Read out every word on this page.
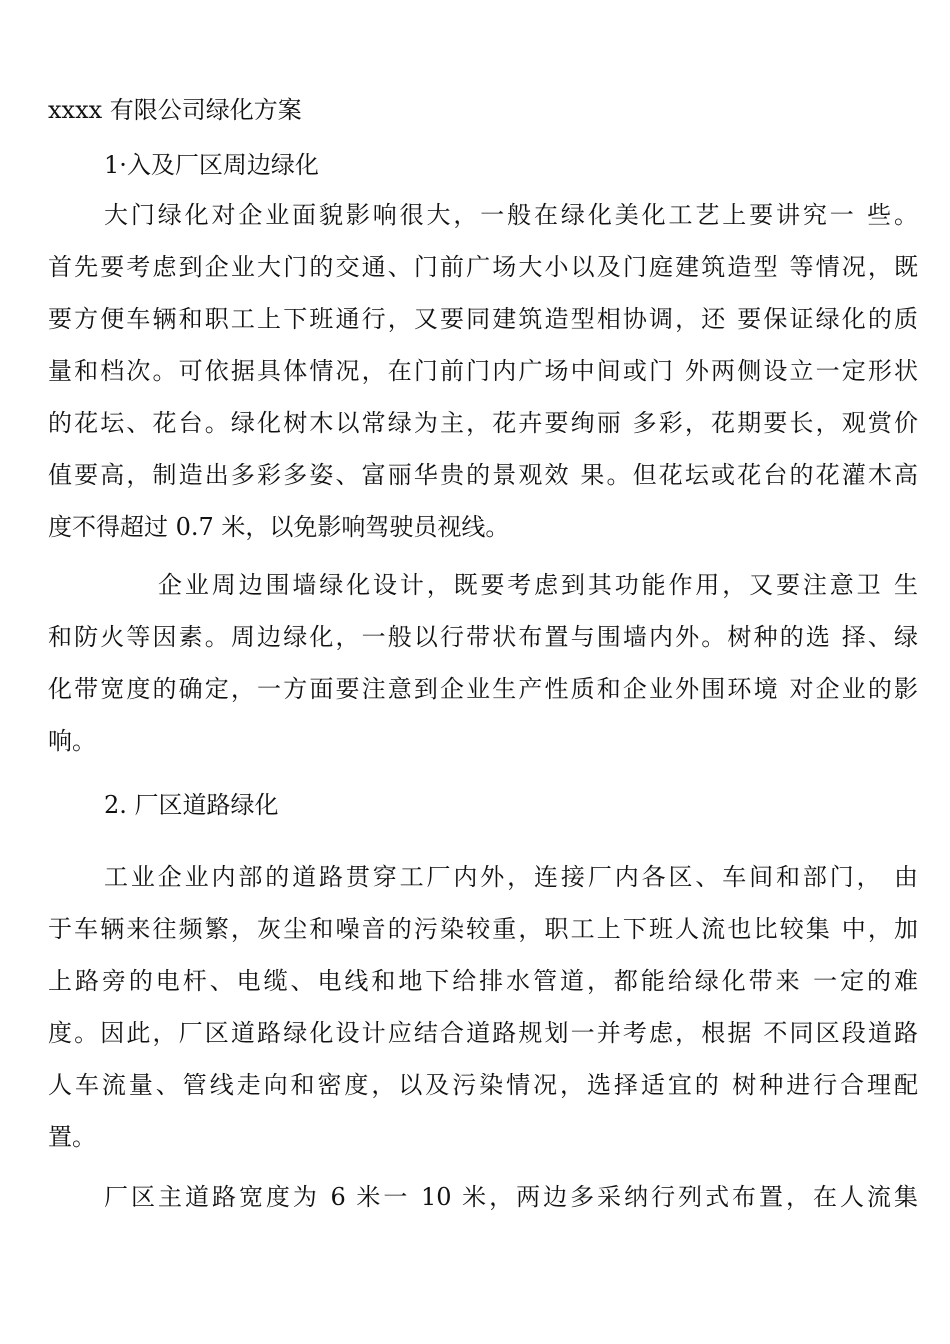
xxxx 有限公司绿化方案
1·入及厂区周边绿化
大门绿化对企业面貌影响很大，一般在绿化美化工艺上要讲究一 些。
首先要考虑到企业大门的交通、门前广场大小以及门庭建筑造型 等情况，既
要方便车辆和职工上下班通行，又要同建筑造型相协调，还 要保证绿化的质
量和档次。可依据具体情况，在门前门内广场中间或门 外两侧设立一定形状
的花坛、花台。绿化树木以常绿为主，花卉要绚丽 多彩，花期要长，观赏价
值要高，制造出多彩多姿、富丽华贵的景观效 果。但花坛或花台的花灌木高
度不得超过 0.7 米，以免影响驾驶员视线。
企业周边围墙绿化设计，既要考虑到其功能作用，又要注意卫 生
和防火等因素。周边绿化，一般以行带状布置与围墙内外。树种的选 择、绿
化带宽度的确定，一方面要注意到企业生产性质和企业外围环境 对企业的影
响。
2. 厂区道路绿化
工业企业内部的道路贯穿工厂内外，连接厂内各区、车间和部门， 由
于车辆来往频繁，灰尘和噪音的污染较重，职工上下班人流也比较集 中，加
上路旁的电杆、电缆、电线和地下给排水管道，都能给绿化带来 一定的难
度。因此，厂区道路绿化设计应结合道路规划一并考虑，根据 不同区段道路
人车流量、管线走向和密度，以及污染情况，选择适宜的 树种进行合理配
置。
厂区主道路宽度为 6 米一 10 米，两边多采纳行列式布置，在人流集
